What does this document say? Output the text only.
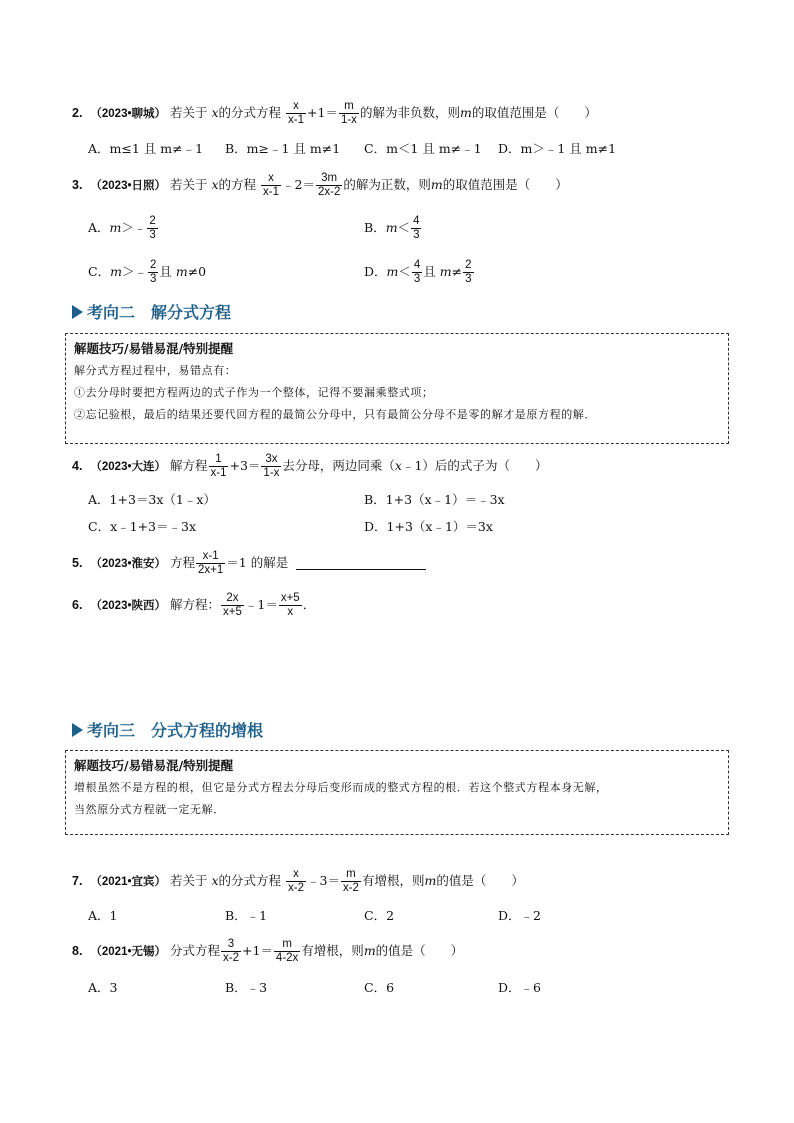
2. （2023•聊城） 若关于 x的分式方程 $\frac{x}{x-1} +1= \frac{m}{1-x}$ 的解为非负数，则m的取值范围是（　　）
A．m≤1 且 m≠﹣1 B．m≥﹣1 且 m≠1 C．m＜1 且 m≠﹣1 D．m＞﹣1 且 m≠1
3. （2023•日照） 若关于 x的方程 $\frac{x}{x-1}$ ﹣2＝ $\frac{3m}{2x-2}$ 的解为正数，则m的取值范围是（　　）
A．m＞﹣ $\frac{2}{3}$	B．$m< \frac{4}{3}$
C．m＞﹣ $\frac{2}{3}$ 且 m≠0	D．$m< \frac{4}{3}$ 且 $m\ne \frac{2}{3}$
考向二 解分式方程
解题技巧/易错易混/特别提醒
解分式方程过程中，易错点有：
①去分母时要把方程两边的式子作为一个整体，记得不要漏乘整式项；
②忘记验根，最后的结果还要代回方程的最简公分母中，只有最简公分母不是零的解才是原方程的解．
4. （2023•大连） 解方程 $\frac{1}{x-1} +3= \frac{3x}{1-x}$ 去分母，两边同乘（x﹣1）后的式子为（　　）
A．1+3＝3x（1﹣x）	B．1+3（x﹣1）＝﹣3x
C．x﹣1+3＝﹣3x	D．1+3（x﹣1）＝3x
5. （2023•淮安） 方程 $\frac{x-1}{2x+1} =1$ 的解是
6. （2023•陕西） 解方程： $\frac{2x}{x+5}$ ﹣1＝ $\frac{x+5}{x}$ ．
考向三 分式方程的增根
解题技巧/易错易混/特别提醒
增根虽然不是方程的根，但它是分式方程去分母后变形而成的整式方程的根．若这个整式方程本身无解，
当然原分式方程就一定无解．
7. （2021•宜宾） 若关于 x的分式方程 $\frac{x}{x-2}$ ﹣3＝ $\frac{m}{x-2}$ 有增根，则m的值是（　　）
A．1	B．﹣1	C．2	D．﹣2
8. （2021•无锡） 分式方程 $\frac{3}{x-2} +1= \frac{m}{4-2x}$ 有增根，则m的值是（　　）
A．3	B．﹣3	C．6	D．﹣6
